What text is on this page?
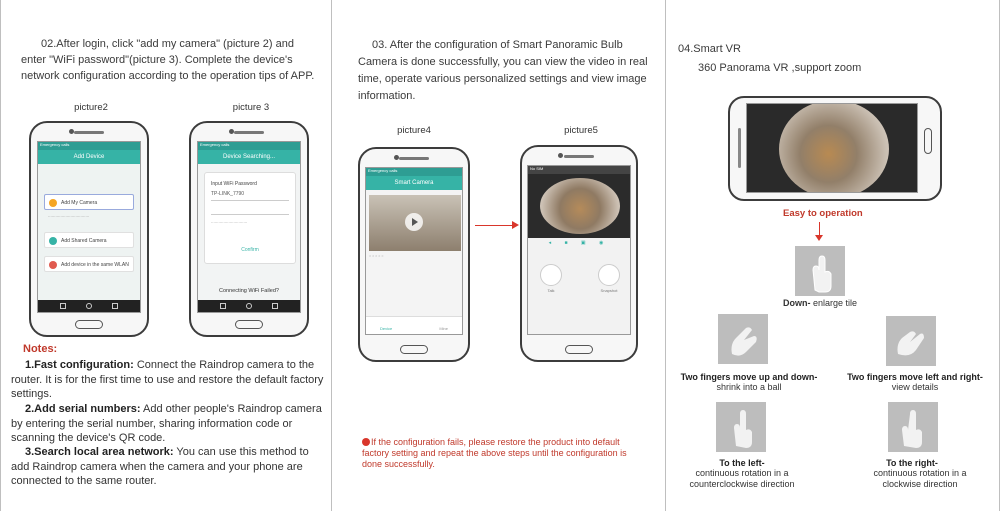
02.After login, click "add my camera" (picture 2) and enter "WiFi password"(picture 3). Complete the device's network configuration according to the operation tips of APP.
picture2	picture 3
Emergency calls
Add Device
Add My Camera
.................................
Add Shared Camera
Add device in the same WLAN
Emergency calls
Device Searching...
Input WiFi Password
TP-LINK_7790
.............................
Confirm
Connecting WiFi Failed?
Notes:
1.Fast configuration: Connect the Raindrop camera to the router. It is for the first time to use and restore the default factory settings.
2.Add serial numbers: Add other people's Raindrop camera by entering the serial number, sharing information code or scanning the device's QR code.
3.Search local area network: You can use this method to add Raindrop camera when the camera and your phone are connected to the same router.
03. After the configuration of Smart Panoramic Bulb Camera is done successfully, you can view the video in real time, operate various personalized settings and view image information.
picture4	picture5
Emergency calls
Smart Camera
○ ○ ○ ○ ○
Device	Mine
No SIM
◂ ■ ▣ ◉
Talk	Snapshot
If the configuration fails, please restore the product into default factory setting and repeat the above steps until the configuration is done successfully.
04.Smart VR
360 Panorama VR ,support zoom
Easy to operation
Down- enlarge tile
Two fingers move up and down-
shrink into a ball
Two fingers move left and right-
view details
To the left-
continuous rotation in a counterclockwise direction
To the right-
continuous rotation in a clockwise direction
